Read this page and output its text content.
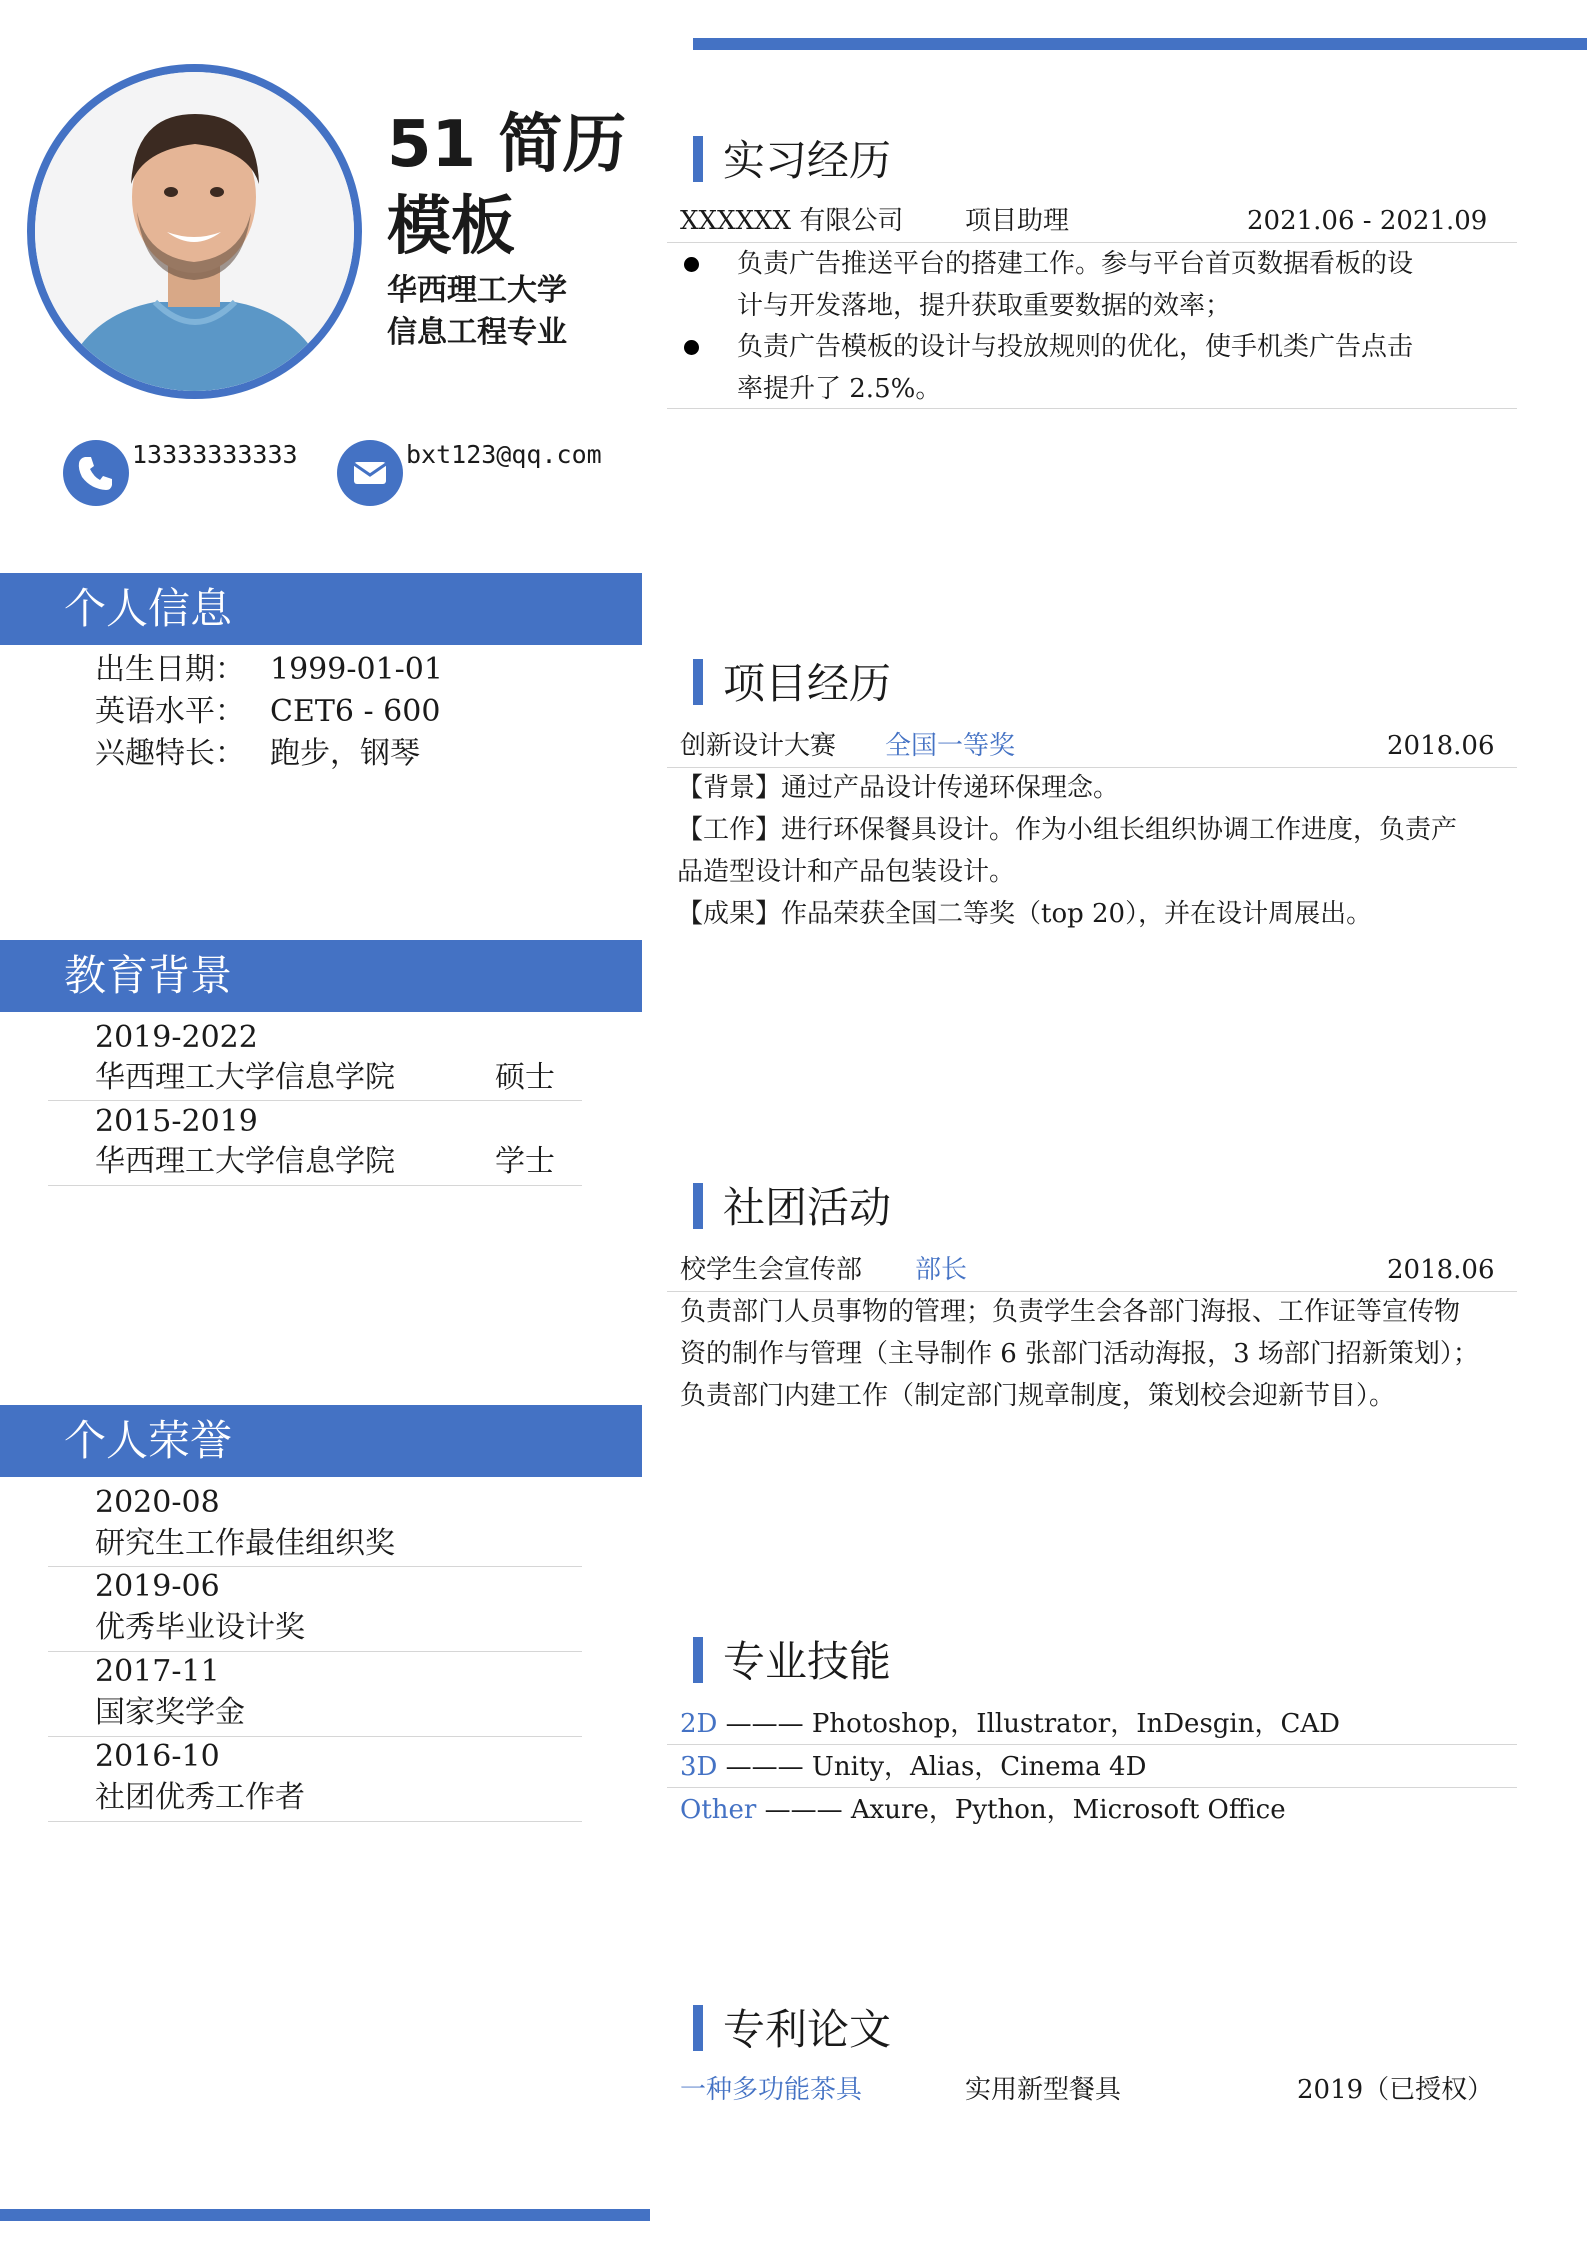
51 简历
模板
华西理工大学
信息工程专业
13333333333	bxt123@qq.com
个人信息
出生日期： 1999-01-01
英语水平： CET6 - 600
兴趣特长： 跑步，钢琴
教育背景
2019-2022
华西理工大学信息学院	硕士
2015-2019
华西理工大学信息学院	学士
个人荣誉
2020-08
研究生工作最佳组织奖
2019-06
优秀毕业设计奖
2017-11
国家奖学金
2016-10
社团优秀工作者
实习经历
XXXXXX 有限公司 项目助理	2021.06 - 2021.09
负责广告推送平台的搭建工作。参与平台首页数据看板的设
计与开发落地，提升获取重要数据的效率；
负责广告模板的设计与投放规则的优化，使手机类广告点击
率提升了 2.5%。
项目经历
创新设计大赛 全国一等奖	2018.06
【背景】通过产品设计传递环保理念。
【工作】进行环保餐具设计。作为小组长组织协调工作进度，负责产
品造型设计和产品包装设计。
【成果】作品荣获全国二等奖（top 20），并在设计周展出。
社团活动
校学生会宣传部 部长	2018.06
负责部门人员事物的管理；负责学生会各部门海报、工作证等宣传物
资的制作与管理（主导制作 6 张部门活动海报，3 场部门招新策划）；
负责部门内建工作（制定部门规章制度，策划校会迎新节目）。
专业技能
2D ——— Photoshop，Illustrator，InDesgin，CAD
3D ——— Unity，Alias，Cinema 4D
Other ——— Axure，Python，Microsoft Office
专利论文
一种多功能茶具	实用新型餐具	2019（已授权）
